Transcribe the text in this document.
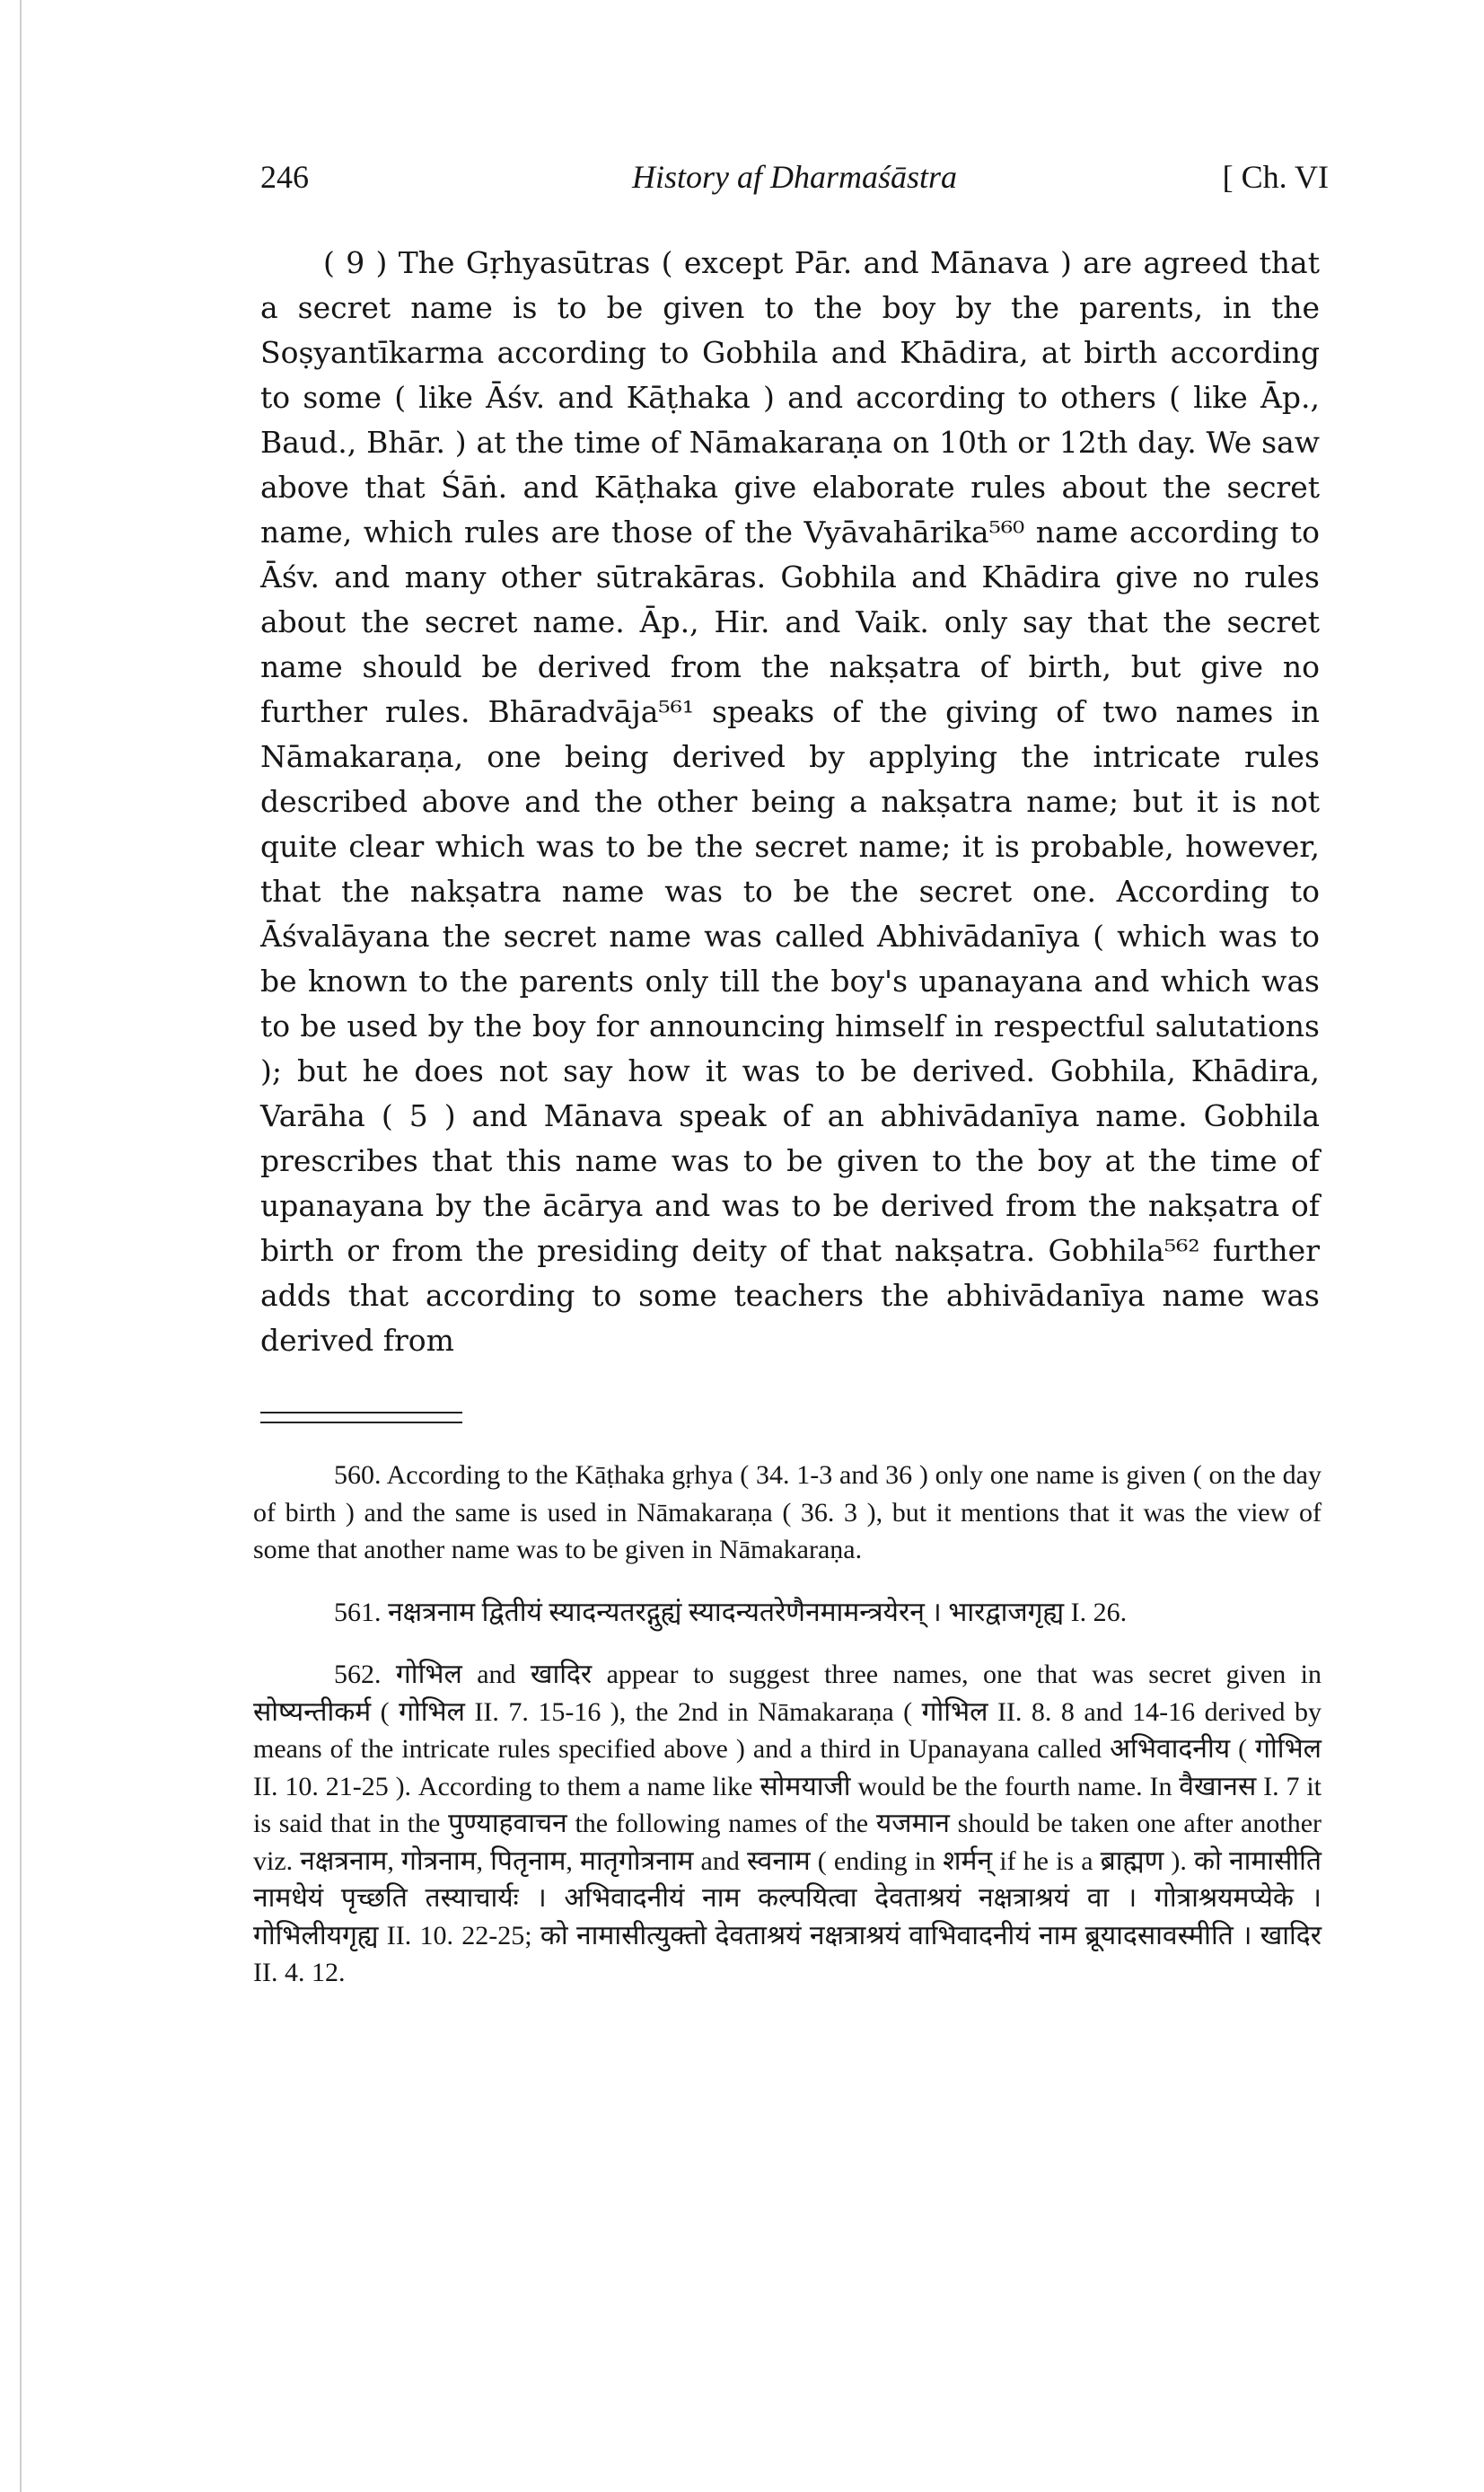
246	History af Dharmaśāstra	[ Ch. VI

( 9 ) The Gṛhyasūtras ( except Pār. and Mānava ) are agreed that a secret name is to be given to the boy by the parents, in the Soṣyantīkarma according to Gobhila and Khādira, at birth according to some ( like Āśv. and Kāṭhaka ) and according to others ( like Āp., Baud., Bhār. ) at the time of Nāmakaraṇa on 10th or 12th day. We saw above that Śāṅ. and Kāṭhaka give elaborate rules about the secret name, which rules are those of the Vyāvahārika⁵⁶⁰ name according to Āśv. and many other sūtrakāras. Gobhila and Khādira give no rules about the secret name. Āp., Hir. and Vaik. only say that the secret name should be derived from the nakṣatra of birth, but give no further rules. Bhāradvāja⁵⁶¹ speaks of the giving of two names in Nāmakaraṇa, one being derived by applying the intricate rules described above and the other being a nakṣatra name; but it is not quite clear which was to be the secret name; it is probable, however, that the nakṣatra name was to be the secret one. According to Āśvalāyana the secret name was called Abhivādanīya ( which was to be known to the parents only till the boy's upanayana and which was to be used by the boy for announcing himself in respectful salutations ); but he does not say how it was to be derived. Gobhila, Khādira, Varāha ( 5 ) and Mānava speak of an abhivādanīya name. Gobhila prescribes that this name was to be given to the boy at the time of upanayana by the ācārya and was to be derived from the nakṣatra of birth or from the presiding deity of that nakṣatra. Gobhila⁵⁶² further adds that according to some teachers the abhivādanīya name was derived from

560. According to the Kāṭhaka gṛhya ( 34. 1-3 and 36 ) only one name is given ( on the day of birth ) and the same is used in Nāmakaraṇa ( 36. 3 ), but it mentions that it was the view of some that another name was to be given in Nāmakaraṇa.

561. नक्षत्रनाम द्वितीयं स्यादन्यतरद्गुह्यं स्यादन्यतरेणैनमामन्त्रयेरन् । भारद्वाजगृह्य I. 26.

562. गोभिल and खादिर appear to suggest three names, one that was secret given in सोष्यन्तीकर्म ( गोभिल II. 7. 15-16 ), the 2nd in Nāmakaraṇa ( गोभिल II. 8. 8 and 14-16 derived by means of the intricate rules specified above ) and a third in Upanayana called अभिवादनीय ( गोभिल II. 10. 21-25 ). According to them a name like सोमयाजी would be the fourth name. In वैखानस I. 7 it is said that in the पुण्याहवाचन the following names of the यजमान should be taken one after another viz. नक्षत्रनाम, गोत्रनाम, पितृनाम, मातृगोत्रनाम and स्वनाम ( ending in शर्मन् if he is a ब्राह्मण ). को नामासीति नामधेयं पृच्छति तस्याचार्यः । अभिवादनीयं नाम कल्पयित्वा देवताश्रयं नक्षत्राश्रयं वा । गोत्राश्रयमप्येके । गोभिलीयगृह्य II. 10. 22-25; को नामासीत्युक्तो देवताश्रयं नक्षत्राश्रयं वाभिवादनीयं नाम ब्रूयादसावस्मीति । खादिर II. 4. 12.
